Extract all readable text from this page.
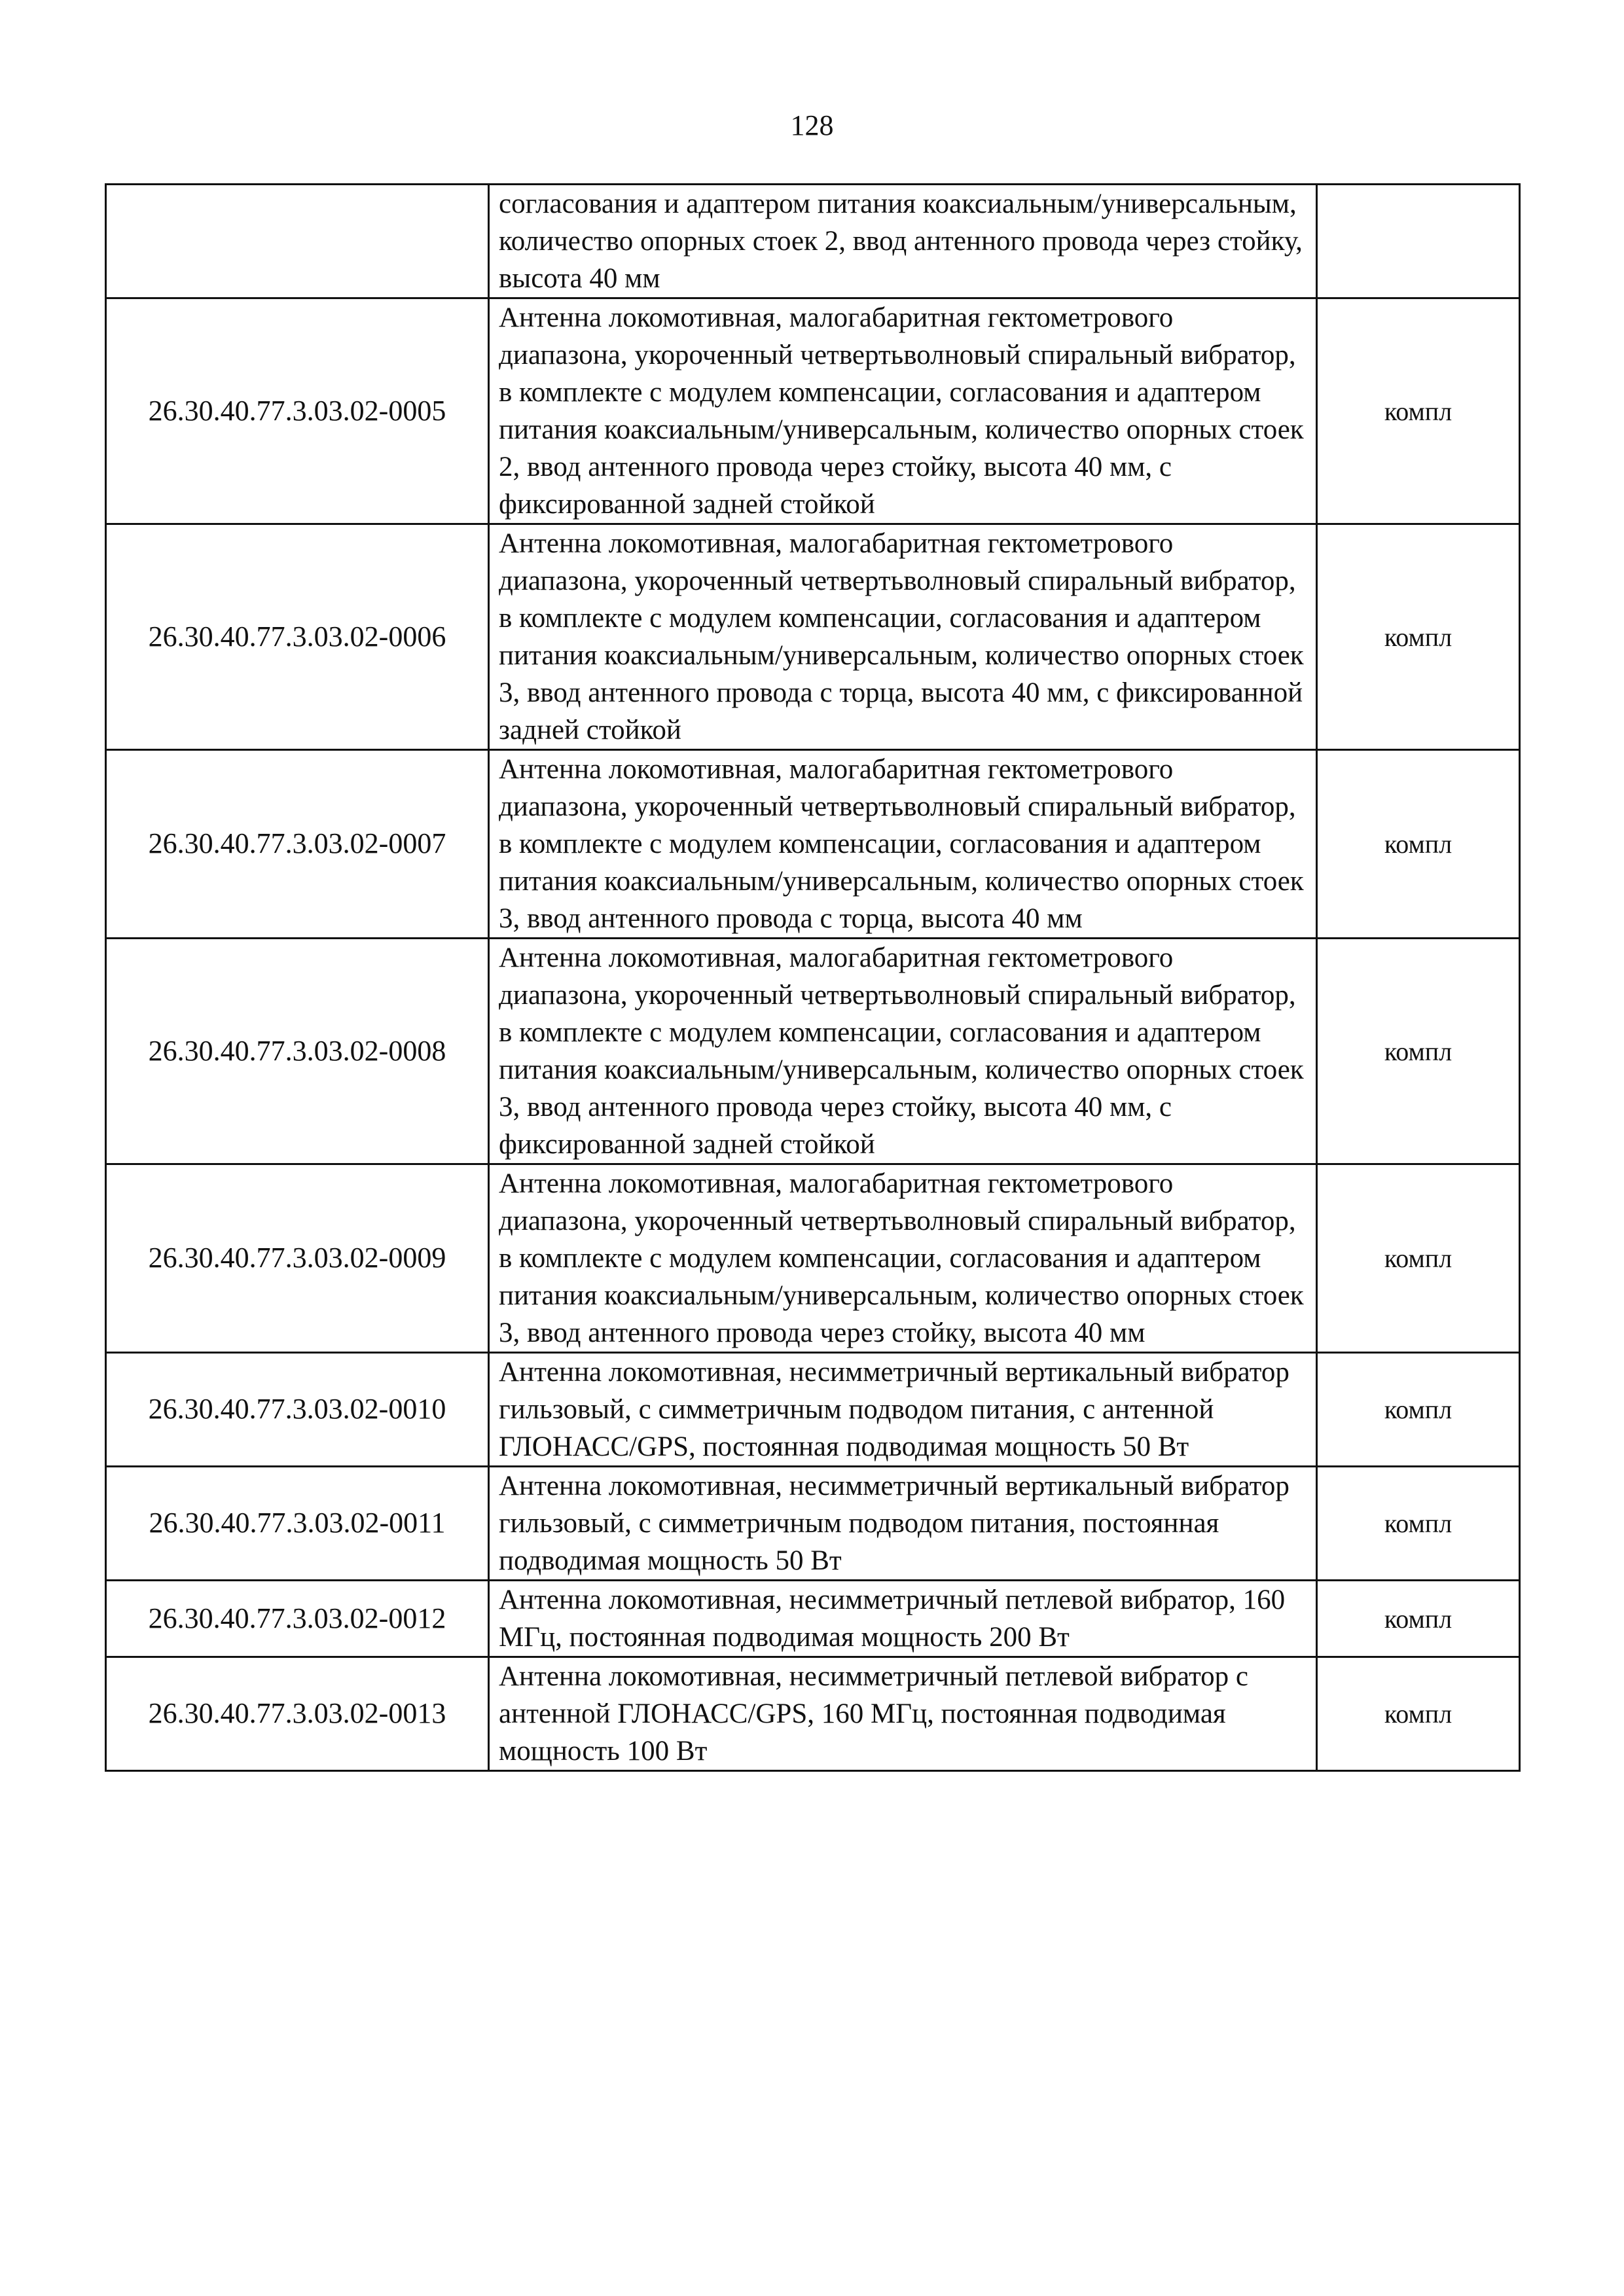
128
	согласования и адаптером питания коаксиальным/универсальным, количество опорных стоек 2, ввод антенного провода через стойку, высота 40 мм	
26.30.40.77.3.03.02-0005	Антенна локомотивная, малогабаритная гектометрового диапазона, укороченный четвертьволновый спиральный вибратор, в комплекте с модулем компенсации, согласования и адаптером питания коаксиальным/универсальным, количество опорных стоек 2, ввод антенного провода через стойку, высота 40 мм, с фиксированной задней стойкой	компл
26.30.40.77.3.03.02-0006	Антенна локомотивная, малогабаритная гектометрового диапазона, укороченный четвертьволновый спиральный вибратор, в комплекте с модулем компенсации, согласования и адаптером питания коаксиальным/универсальным, количество опорных стоек 3, ввод антенного провода с торца, высота 40 мм, с фиксированной задней стойкой	компл
26.30.40.77.3.03.02-0007	Антенна локомотивная, малогабаритная гектометрового диапазона, укороченный четвертьволновый спиральный вибратор, в комплекте с модулем компенсации, согласования и адаптером питания коаксиальным/универсальным, количество опорных стоек 3, ввод антенного провода с торца, высота 40 мм	компл
26.30.40.77.3.03.02-0008	Антенна локомотивная, малогабаритная гектометрового диапазона, укороченный четвертьволновый спиральный вибратор, в комплекте с модулем компенсации, согласования и адаптером питания коаксиальным/универсальным, количество опорных стоек 3, ввод антенного провода через стойку, высота 40 мм, с фиксированной задней стойкой	компл
26.30.40.77.3.03.02-0009	Антенна локомотивная, малогабаритная гектометрового диапазона, укороченный четвертьволновый спиральный вибратор, в комплекте с модулем компенсации, согласования и адаптером питания коаксиальным/универсальным, количество опорных стоек 3, ввод антенного провода через стойку, высота 40 мм	компл
26.30.40.77.3.03.02-0010	Антенна локомотивная, несимметричный вертикальный вибратор гильзовый, с симметричным подводом питания, с антенной ГЛОНАСС/GPS, постоянная подводимая мощность 50 Вт	компл
26.30.40.77.3.03.02-0011	Антенна локомотивная, несимметричный вертикальный вибратор гильзовый, с симметричным подводом питания, постоянная подводимая мощность 50 Вт	компл
26.30.40.77.3.03.02-0012	Антенна локомотивная, несимметричный петлевой вибратор, 160 МГц, постоянная подводимая мощность 200 Вт	компл
26.30.40.77.3.03.02-0013	Антенна локомотивная, несимметричный петлевой вибратор с антенной ГЛОНАСС/GPS, 160 МГц, постоянная подводимая мощность 100 Вт	компл
